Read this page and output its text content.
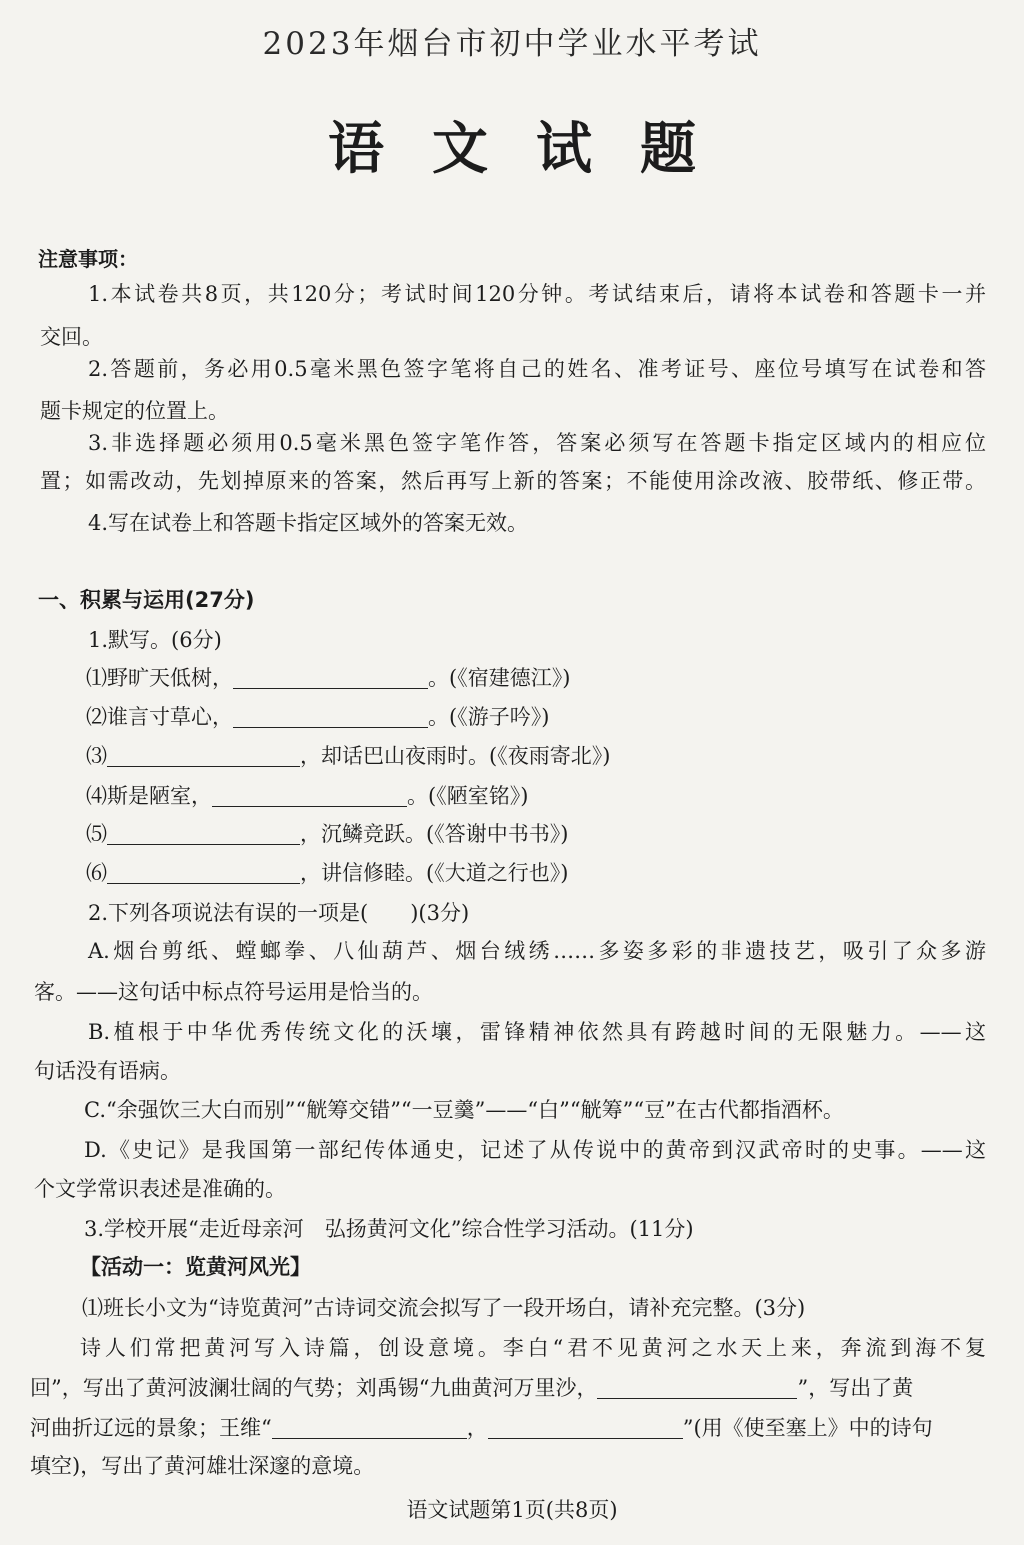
2023年烟台市初中学业水平考试
语文试题
注意事项：
1.本试卷共8页，共120分；考试时间120分钟。考试结束后，请将本试卷和答题卡一并
交回。
2.答题前，务必用0.5毫米黑色签字笔将自己的姓名、准考证号、座位号填写在试卷和答
题卡规定的位置上。
3.非选择题必须用0.5毫米黑色签字笔作答，答案必须写在答题卡指定区域内的相应位
置；如需改动，先划掉原来的答案，然后再写上新的答案；不能使用涂改液、胶带纸、修正带。
4.写在试卷上和答题卡指定区域外的答案无效。
一、积累与运用(27分)
1.默写。(6分)
⑴野旷天低树，	。(《宿建德江》)
⑵谁言寸草心，	。(《游子吟》)
⑶	，却话巴山夜雨时。(《夜雨寄北》)
⑷斯是陋室，	。(《陋室铭》)
⑸	，沉鳞竞跃。(《答谢中书书》)
⑹	，讲信修睦。(《大道之行也》)
2.下列各项说法有误的一项是(　　)(3分)
A.烟台剪纸、螳螂拳、八仙葫芦、烟台绒绣……多姿多彩的非遗技艺，吸引了众多游
客。——这句话中标点符号运用是恰当的。
B.植根于中华优秀传统文化的沃壤，雷锋精神依然具有跨越时间的无限魅力。——这
句话没有语病。
C.“余强饮三大白而别”“觥筹交错”“一豆羹”——“白”“觥筹”“豆”在古代都指酒杯。
D.《史记》是我国第一部纪传体通史，记述了从传说中的黄帝到汉武帝时的史事。——这
个文学常识表述是准确的。
3.学校开展“走近母亲河　弘扬黄河文化”综合性学习活动。(11分)
【活动一：览黄河风光】
⑴班长小文为“诗览黄河”古诗词交流会拟写了一段开场白，请补充完整。(3分)
诗人们常把黄河写入诗篇，创设意境。李白“君不见黄河之水天上来，奔流到海不复
回”，写出了黄河波澜壮阔的气势；刘禹锡“九曲黄河万里沙，	”，写出了黄
河曲折辽远的景象；王维“	，	”(用《使至塞上》中的诗句
填空)，写出了黄河雄壮深邃的意境。
语文试题第1页(共8页)
